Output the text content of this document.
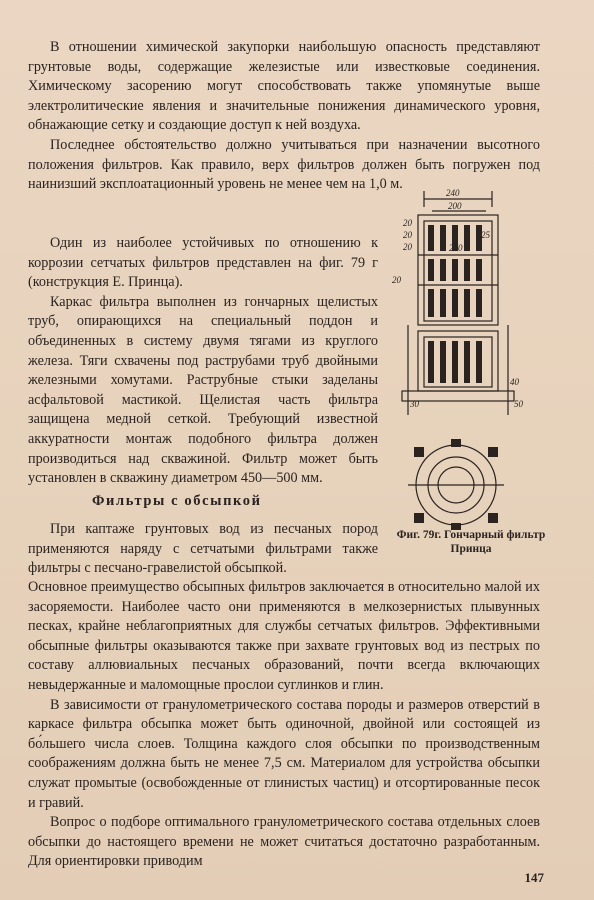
В отношении химической закупорки наибольшую опасность представляют грунтовые воды, содержащие железистые или известковые соединения. Химическому засорению могут способствовать также упомянутые выше электролитические явления и значительные понижения динамического уровня, обнажающие сетку и создающие доступ к ней воздуха.

Последнее обстоятельство должно учитываться при назначении высотного положения фильтров. Как правило, верх фильтров должен быть погружен под наинизший эксплоатационный уровень не менее чем на 1,0 м.

Один из наиболее устойчивых по отношению к коррозии сетчатых фильтров представлен на фиг. 79 г (конструкция Е. Принца).

Каркас фильтра выполнен из гончарных щелистых труб, опирающихся на специальный поддон и объединенных в систему двумя тягами из круглого железа. Тяги схвачены под раструбами труб двойными железными хомутами. Раструбные стыки заделаны асфальтовой мастикой. Щелистая часть фильтра защищена медной сеткой. Требующий известной аккуратности монтаж подобного фильтра должен производиться над скважиной. Фильтр может быть установлен в скважину диаметром 450—500 мм.

Фильтры с обсыпкой

При каптаже грунтовых вод из песчаных пород применяются наряду с сетчатыми фильтрами также фильтры с песчано-гравелистой обсыпкой.

Основное преимущество обсыпных фильтров заключается в относительно малой их засоряемости. Наиболее часто они применяются в мелкозернистых плывунных песках, крайне неблагоприятных для службы сетчатых фильтров. Эффективными обсыпные фильтры оказываются также при захвате грунтовых вод из пестрых по составу аллювиальных песчаных образований, почти всегда включающих невыдержанные и маломощные прослои суглинков и глин.

В зависимости от гранулометрического состава породы и размеров отверстий в каркасе фильтра обсыпка может быть одиночной, двойной или состоящей из бо́льшего числа слоев. Толщина каждого слоя обсыпки по производственным соображениям должна быть не менее 7,5 см. Материалом для устройства обсыпки служат промытые (освобожденные от глинистых частиц) и отсортированные песок и гравий.

Вопрос о подборе оптимального гранулометрического состава отдельных слоев обсыпки до настоящего времени не может считаться достаточно разработанным. Для ориентировки приводим

240
200
20
20
20
25
270
20
30	50
40
Фиг. 79г. Гончарный фильтр Принца
147
